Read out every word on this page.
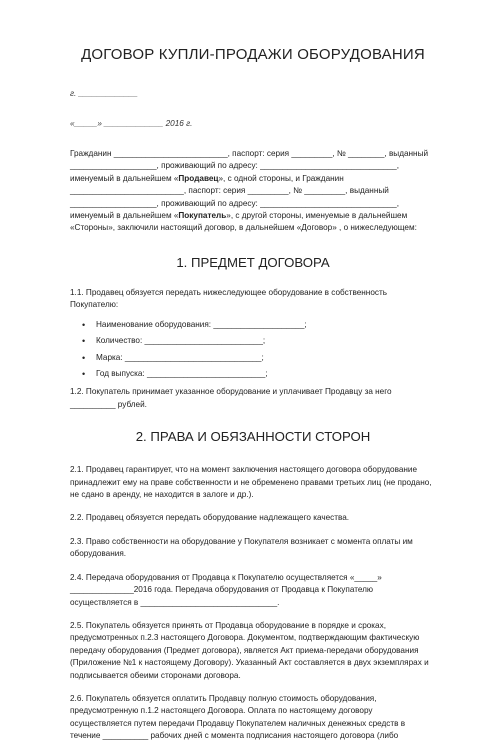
ДОГОВОР КУПЛИ-ПРОДАЖИ ОБОРУДОВАНИЯ
г. _____________
«_____» _____________ 2016 г.

Гражданин _________________________, паспорт: серия _________, № ________, выданный ___________________, проживающий по адресу: ______________________________, именуемый в дальнейшем «Продавец», с одной стороны, и Гражданин _________________________, паспорт: серия _________, № _________, выданный ___________________, проживающий по адресу: ______________________________, именуемый в дальнейшем «Покупатель», с другой стороны, именуемые в дальнейшем «Стороны», заключили настоящий договор, в дальнейшем «Договор» , о нижеследующем:

1. ПРЕДМЕТ ДОГОВОРА

1.1. Продавец обязуется передать нижеследующее оборудование в собственность Покупателю:

• Наименование оборудования: ____________________;
• Количество: __________________________;
• Марка: ______________________________;
• Год выпуска: __________________________;

1.2. Покупатель принимает указанное оборудование и уплачивает Продавцу за него __________ рублей.

2. ПРАВА И ОБЯЗАННОСТИ СТОРОН

2.1. Продавец гарантирует, что на момент заключения настоящего договора оборудование принадлежит ему на праве собственности и не обременено правами третьих лиц (не продано, не сдано в аренду, не находится в залоге и др.).

2.2. Продавец обязуется передать оборудование надлежащего качества.

2.3. Право собственности на оборудование у Покупателя возникает с момента оплаты им оборудования.

2.4. Передача оборудования от Продавца к Покупателю осуществляется «_____» ______________2016 года. Передача оборудования от Продавца к Покупателю осуществляется в ______________________________.

2.5. Покупатель обязуется принять от Продавца оборудование в порядке и сроках, предусмотренных п.2.3 настоящего Договора. Документом, подтверждающим фактическую передачу оборудования (Предмет договора), является Акт приема-передачи оборудования (Приложение №1 к настоящему Договору). Указанный Акт составляется в двух экземплярах и подписывается обеими сторонами договора.

2.6. Покупатель обязуется оплатить Продавцу полную стоимость оборудования, предусмотренную п.1.2 настоящего Договора. Оплата по настоящему договору осуществляется путем передачи Продавцу Покупателем наличных денежных средств в течение __________ рабочих дней с момента подписания настоящего договора (либо
